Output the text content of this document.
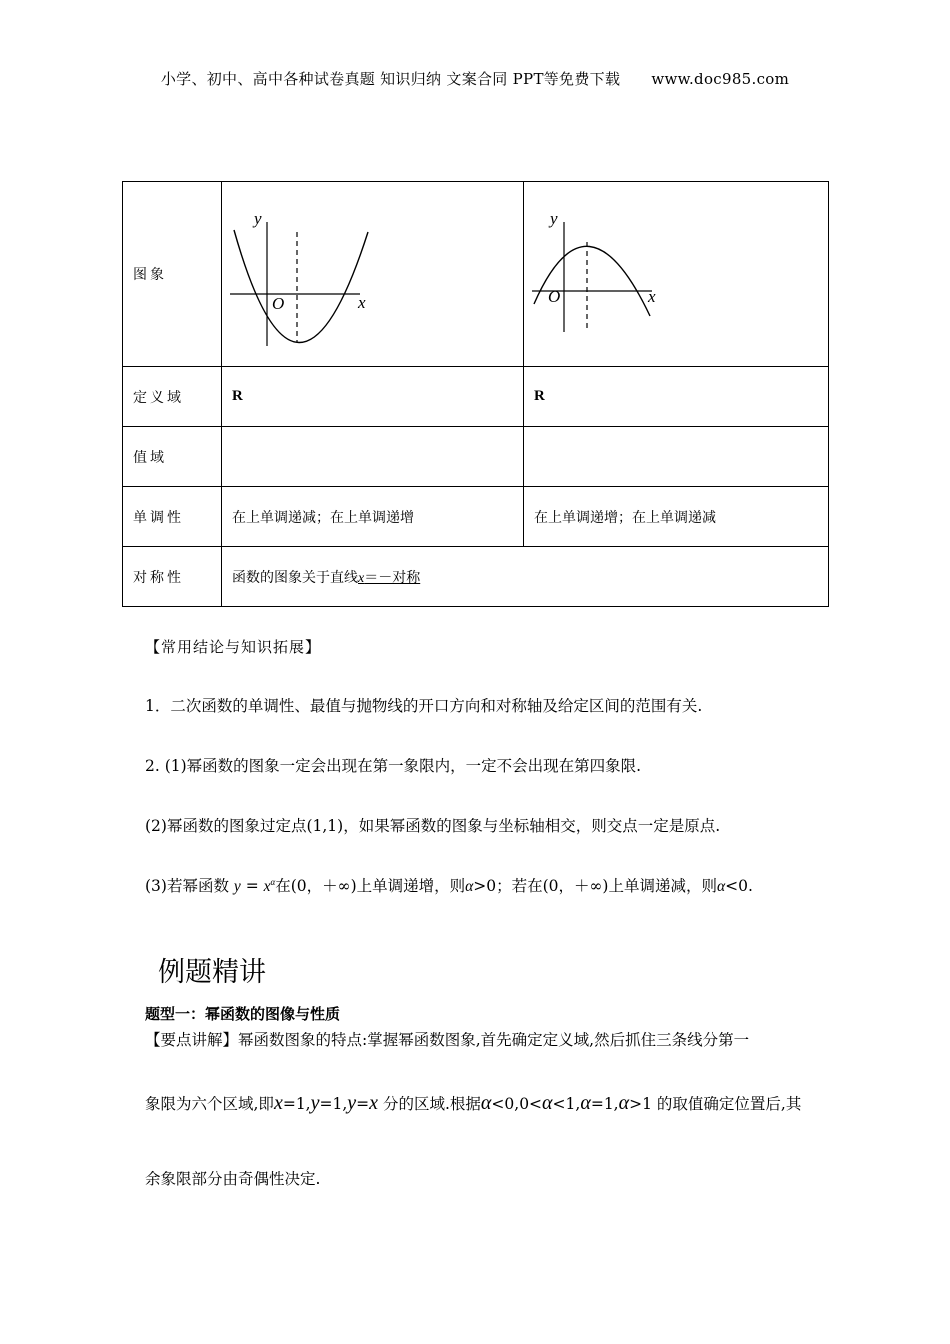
小学、初中、高中各种试卷真题 知识归纳 文案合同 PPT等免费下载 www.doc985.com
图象	y
x
O	y
x
O

定义域	R	R
值域		
单调性	在上单调递减；在上单调递增	在上单调递增；在上单调递减
对称性	函数的图象关于直线x＝－对称	
【常用结论与知识拓展】
1．二次函数的单调性、最值与抛物线的开口方向和对称轴及给定区间的范围有关.
2. (1)幂函数的图象一定会出现在第一象限内，一定不会出现在第四象限.
(2)幂函数的图象过定点(1,1)，如果幂函数的图象与坐标轴相交，则交点一定是原点.
(3)若幂函数 $y = x^\alpha$在(0，＋∞)上单调递增，则α>0；若在(0，＋∞)上单调递减，则α<0.
例题精讲
题型一：幂函数的图像与性质
【要点讲解】幂函数图象的特点:掌握幂函数图象,首先确定定义域,然后抓住三条线分第一
象限为六个区域,即x=1,y=1,y=x 分的区域.根据α<0,0<α<1,α=1,α>1 的取值确定位置后,其
余象限部分由奇偶性决定.
